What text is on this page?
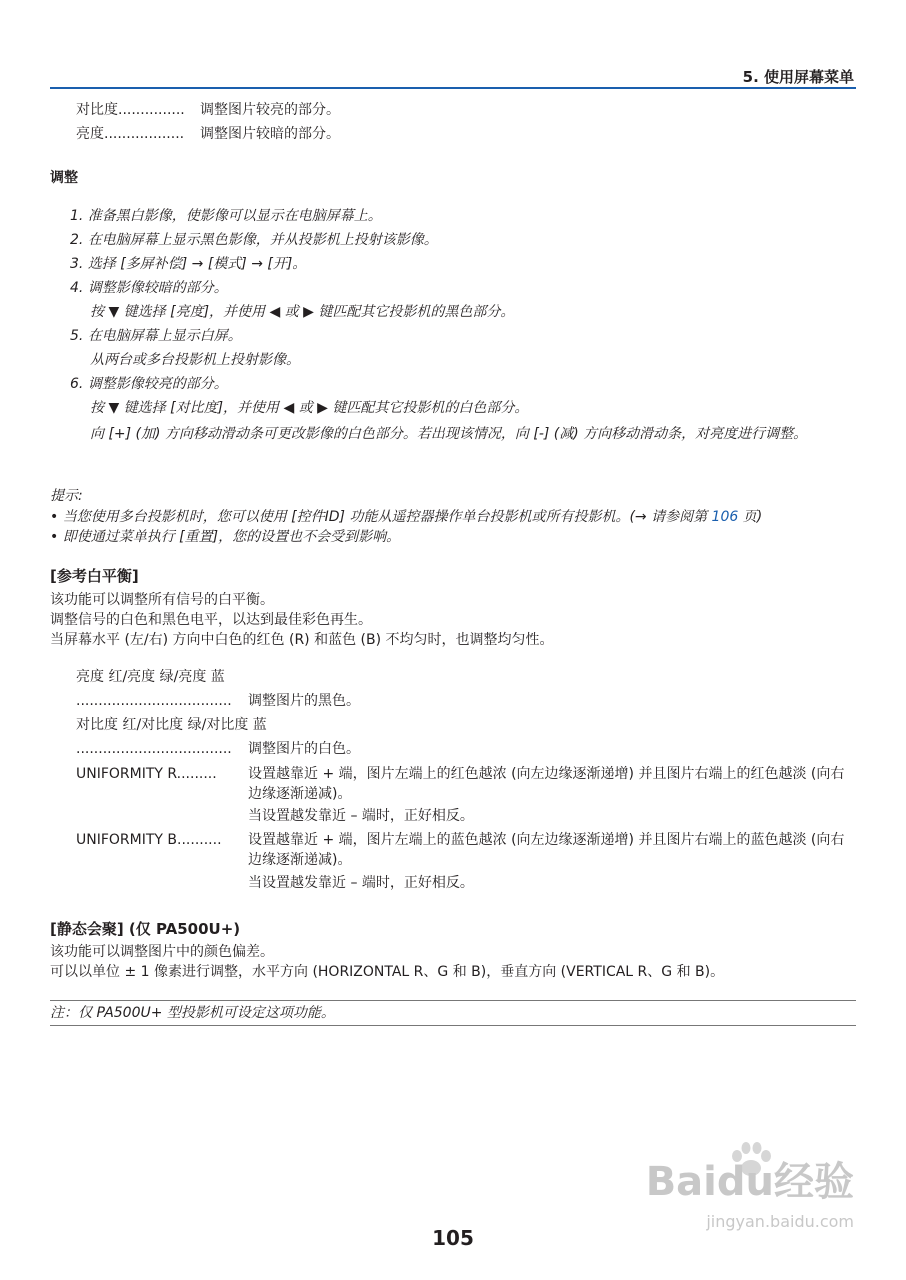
5. 使用屏幕菜单
对比度............... 调整图片较亮的部分。
亮度.................. 调整图片较暗的部分。
调整
1. 准备黑白影像，使影像可以显示在电脑屏幕上。
2. 在电脑屏幕上显示黑色影像，并从投影机上投射该影像。
3. 选择 [多屏补偿] → [模式] → [开]。
4. 调整影像较暗的部分。
按 ▼ 键选择 [亮度]，并使用 ◀ 或 ▶ 键匹配其它投影机的黑色部分。
5. 在电脑屏幕上显示白屏。
从两台或多台投影机上投射影像。
6. 调整影像较亮的部分。
按 ▼ 键选择 [对比度]，并使用 ◀ 或 ▶ 键匹配其它投影机的白色部分。
向 [+] (加) 方向移动滑动条可更改影像的白色部分。若出现该情况，向 [-] (减) 方向移动滑动条，对亮度进行调整。
提示:
• 当您使用多台投影机时，您可以使用 [控件ID] 功能从遥控器操作单台投影机或所有投影机。(→ 请参阅第 106 页)
• 即使通过菜单执行 [重置]，您的设置也不会受到影响。
[参考白平衡]
该功能可以调整所有信号的白平衡。
调整信号的白色和黑色电平，以达到最佳彩色再生。
当屏幕水平 (左/右) 方向中白色的红色 (R) 和蓝色 (B) 不均匀时，也调整均匀性。
亮度 红/亮度 绿/亮度 蓝
................................... 调整图片的黑色。
对比度 红/对比度 绿/对比度 蓝
................................... 调整图片的白色。
UNIFORMITY R......... 设置越靠近 + 端，图片左端上的红色越浓 (向左边缘逐渐递增) 并且图片右端上的红色越淡 (向右边缘逐渐递减)。
当设置越发靠近 – 端时，正好相反。
UNIFORMITY B.......... 设置越靠近 + 端，图片左端上的蓝色越浓 (向左边缘逐渐递增) 并且图片右端上的蓝色越淡 (向右边缘逐渐递减)。
当设置越发靠近 – 端时，正好相反。
[静态会聚] (仅 PA500U+)
该功能可以调整图片中的颜色偏差。
可以以单位 ± 1 像素进行调整，水平方向 (HORIZONTAL R、G 和 B)，垂直方向 (VERTICAL R、G 和 B)。
注：仅 PA500U+ 型投影机可设定这项功能。
Baidu经验
jingyan.baidu.com
105
